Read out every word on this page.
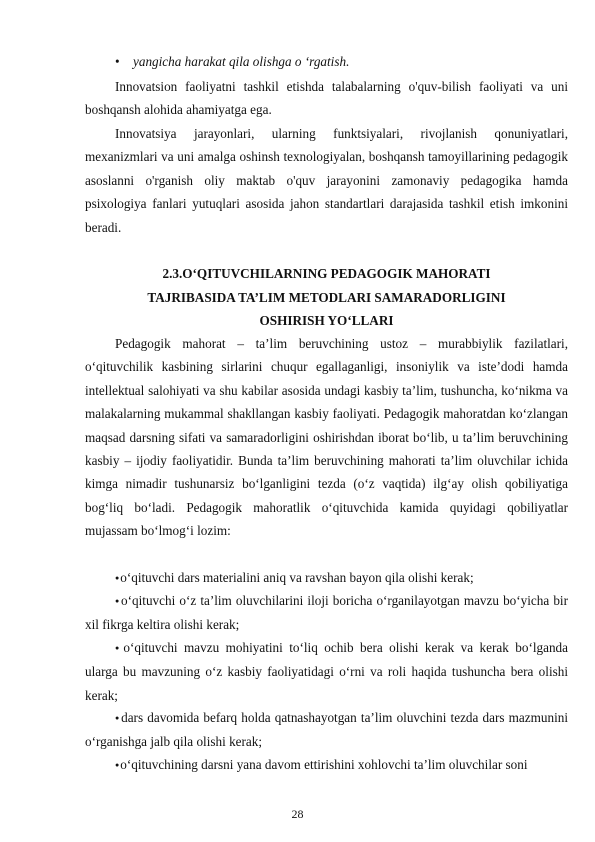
• yangicha harakat qila olishga o ‘rgatish.

Innovatsion faoliyatni tashkil etishda talabalarning o'quv-bilish faoliyati va uni boshqansh alohida ahamiyatga ega.

Innovatsiya jarayonlari, ularning funktsiyalari, rivojlanish qonuniyatlari, mexanizmlari va uni amalga oshinsh texnologiyalan, boshqansh tamoyillarining pedagogik asoslanni o'rganish oliy maktab o'quv jarayonini zamonaviy pedagogika hamda psixologiya fanlari yutuqlari asosida jahon standartlari darajasida tashkil etish imkonini beradi.

2.3.O‘QITUVCHILARNING PEDAGOGIK MAHORATI

TAJRIBASIDA TA’LIM METODLARI SAMARADORLIGINI

OSHIRISH YO‘LLARI

Pedagogik mahorat – ta’lim beruvchining ustoz – murabbiylik fazilatlari, o‘qituvchilik kasbining sirlarini chuqur egallaganligi, insoniylik va iste’dodi hamda intellektual salohiyati va shu kabilar asosida undagi kasbiy ta’lim, tushuncha, ko‘nikma va malakalarning mukammal shakllangan kasbiy faoliyati. Pedagogik mahoratdan ko‘zlangan maqsad darsning sifati va samaradorligini oshirishdan iborat bo‘lib, u ta’lim beruvchining kasbiy – ijodiy faoliyatidir. Bunda ta’lim beruvchining mahorati ta’lim oluvchilar ichida kimga nimadir tushunarsiz bo‘lganligini tezda (o‘z vaqtida) ilg‘ay olish qobiliyatiga bog‘liq bo‘ladi. Pedagogik mahoratlik o‘qituvchida kamida quyidagi qobiliyatlar mujassam bo‘lmog‘i lozim:

● o‘qituvchi dars materialini aniq va ravshan bayon qila olishi kerak;

● o‘qituvchi o‘z ta’lim oluvchilarini iloji boricha o‘rganilayotgan mavzu bo‘yicha bir xil fikrga keltira olishi kerak;

● o‘qituvchi mavzu mohiyatini to‘liq ochib bera olishi kerak va kerak bo‘lganda ularga bu mavzuning o‘z kasbiy faoliyatidagi o‘rni va roli haqida tushuncha bera olishi kerak;

● dars davomida befarq holda qatnashayotgan ta’lim oluvchini tezda dars mazmunini o‘rganishga jalb qila olishi kerak;

● o‘qituvchining darsni yana davom ettirishini xohlovchi ta’lim oluvchilar soni

28
